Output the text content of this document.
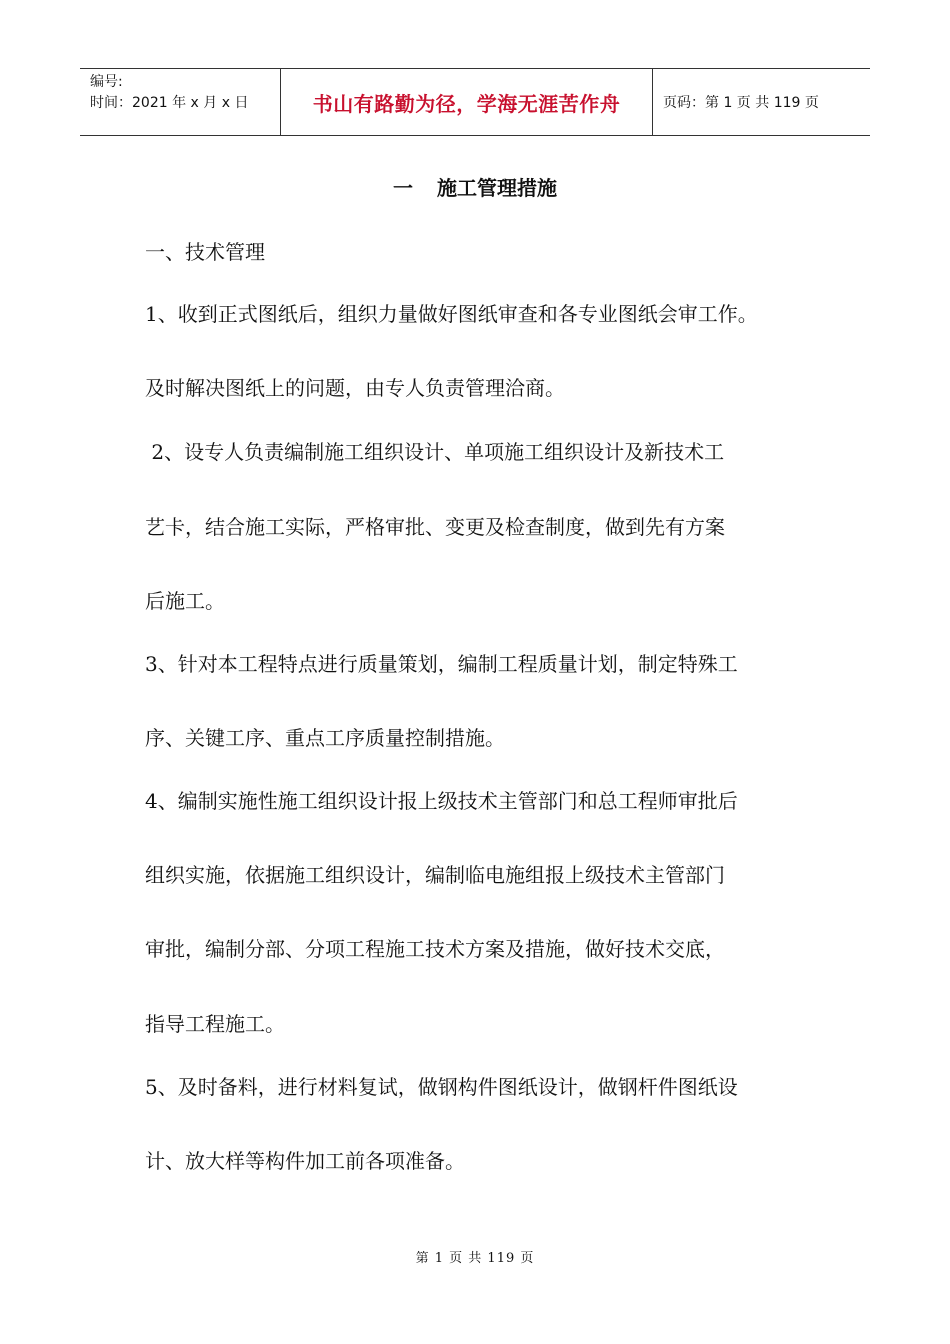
编号:
时间：2021 年 x 月 x 日	书山有路勤为径，学海无涯苦作舟	页码：第 1 页 共 119 页
一 施工管理措施
一、技术管理
1、收到正式图纸后，组织力量做好图纸审查和各专业图纸会审工作。
及时解决图纸上的问题，由专人负责管理洽商。
2、设专人负责编制施工组织设计、单项施工组织设计及新技术工
艺卡，结合施工实际，严格审批、变更及检查制度，做到先有方案
后施工。
3、针对本工程特点进行质量策划，编制工程质量计划，制定特殊工
序、关键工序、重点工序质量控制措施。
4、编制实施性施工组织设计报上级技术主管部门和总工程师审批后
组织实施，依据施工组织设计，编制临电施组报上级技术主管部门
审批，编制分部、分项工程施工技术方案及措施，做好技术交底，
指导工程施工。
5、及时备料，进行材料复试，做钢构件图纸设计，做钢杆件图纸设
计、放大样等构件加工前各项准备。
第 1 页 共 119 页
